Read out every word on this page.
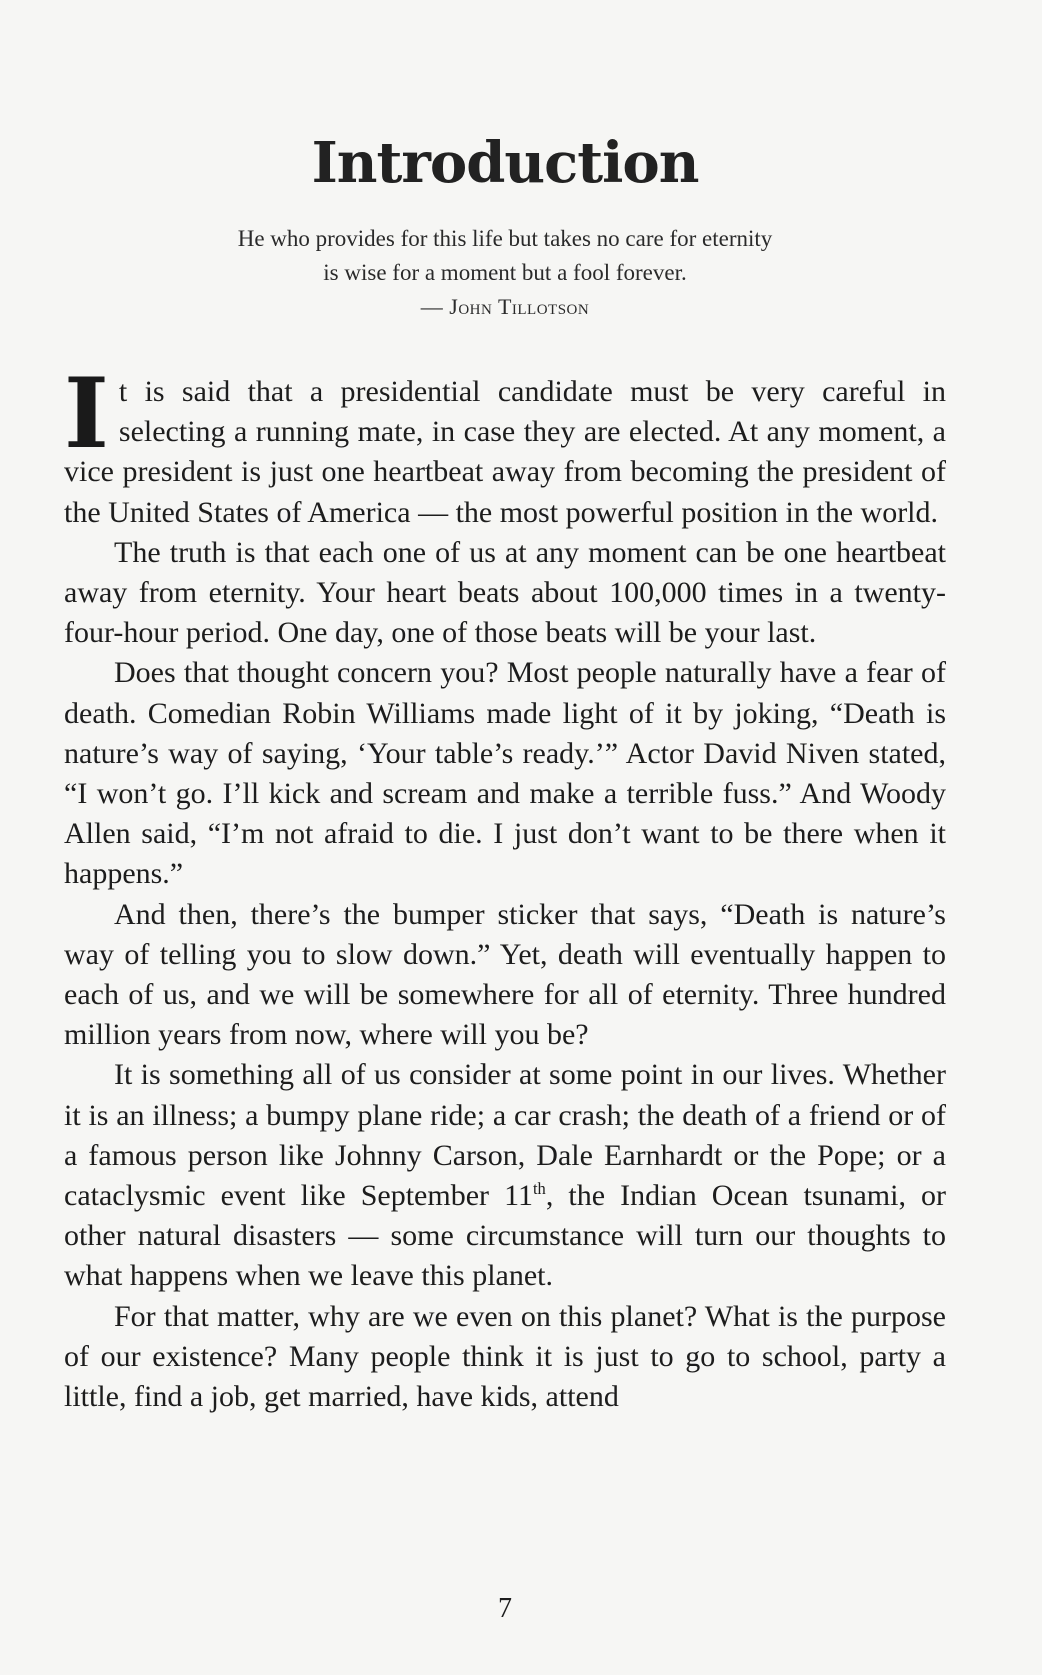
Introduction
He who provides for this life but takes no care for eternity
is wise for a moment but a fool forever.
— John Tillotson

It is said that a presidential candidate must be very careful in selecting a running mate, in case they are elected. At any moment, a vice president is just one heartbeat away from becoming the president of the United States of America — the most powerful position in the world.

The truth is that each one of us at any moment can be one heartbeat away from eternity. Your heart beats about 100,000 times in a twenty-four-hour period. One day, one of those beats will be your last.

Does that thought concern you? Most people naturally have a fear of death. Comedian Robin Williams made light of it by joking, “Death is nature’s way of saying, ‘Your table’s ready.’” Actor David Niven stated, “I won’t go. I’ll kick and scream and make a terrible fuss.” And Woody Allen said, “I’m not afraid to die. I just don’t want to be there when it happens.”

And then, there’s the bumper sticker that says, “Death is nature’s way of telling you to slow down.” Yet, death will eventually happen to each of us, and we will be somewhere for all of eternity. Three hundred million years from now, where will you be?

It is something all of us consider at some point in our lives. Whether it is an illness; a bumpy plane ride; a car crash; the death of a friend or of a famous person like Johnny Carson, Dale Earnhardt or the Pope; or a cataclysmic event like September 11th, the Indian Ocean tsunami, or other natural disasters — some circumstance will turn our thoughts to what happens when we leave this planet.

For that matter, why are we even on this planet? What is the purpose of our existence? Many people think it is just to go to school, party a little, find a job, get married, have kids, attend

7
